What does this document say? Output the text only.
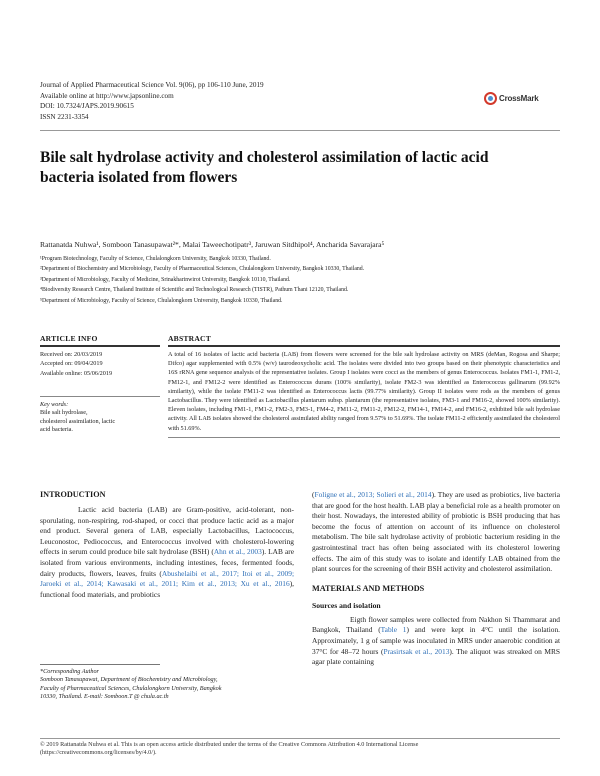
Journal of Applied Pharmaceutical Science Vol. 9(06), pp 106-110 June, 2019
Available online at http://www.japsonline.com
DOI: 10.7324/JAPS.2019.90615
ISSN 2231-3354
CrossMark
Bile salt hydrolase activity and cholesterol assimilation of lactic acid
bacteria isolated from flowers
Rattanatda Nuhwa¹, Somboon Tanasupawat²*, Malai Taweechotipatr³, Jaruwan Sitdhipol⁴, Ancharida Savarajara⁵
¹Program Biotechnology, Faculty of Science, Chulalongkorn University, Bangkok 10330, Thailand.
²Department of Biochemistry and Microbiology, Faculty of Pharmaceutical Sciences, Chulalongkorn University, Bangkok 10330, Thailand.
³Department of Microbiology, Faculty of Medicine, Srinakharinwirot University, Bangkok 10110, Thailand.
⁴Biodiversity Research Centre, Thailand Institute of Scientific and Technological Research (TISTR), Pathum Thani 12120, Thailand.
⁵Department of Microbiology, Faculty of Science, Chulalongkorn University, Bangkok 10330, Thailand.
ARTICLE INFO
Received on: 20/03/2019
Accepted on: 09/04/2019
Available online: 05/06/2019
Key words:
Bile salt hydrolase,
cholesterol assimilation, lactic
acid bacteria.
ABSTRACT
A total of 16 isolates of lactic acid bacteria (LAB) from flowers were screened for the bile salt hydrolase activity on MRS (deMan, Rogosa and Sharpe; Difco) agar supplemented with 0.5% (w/v) taurodeoxycholic acid. The isolates were divided into two groups based on their phenotypic characteristics and 16S rRNA gene sequence analysis of the representative isolates. Group I isolates were cocci as the members of genus Enterococcus. Isolates FM1-1, FM1-2, FM12-1, and FM12-2 were identified as Enterococcus durans (100% similarity), isolate FM2-3 was identified as Enterococcus gallinarum (99.92% similarity), while the isolate FM11-2 was identified as Enterococcus lactis (99.77% similarity). Group II isolates were rods as the members of genus Lactobacillus. They were identified as Lactobacillus plantarum subsp. plantarum (the representative isolates, FM3-1 and FM16-2, showed 100% similarity). Eleven isolates, including FM1-1, FM1-2, FM2-3, FM3-1, FM4-2, FM11-2, FM11-2, FM12-2, FM14-1, FM14-2, and FM16-2, exhibited bile salt hydrolase activity. All LAB isolates showed the cholesterol assimilated ability ranged from 9.57% to 51.69%. The isolate FM11-2 efficiently assimilated the cholesterol with 51.69%.
INTRODUCTION
Lactic acid bacteria (LAB) are Gram-positive, acid-tolerant, non-sporulating, non-respiring, rod-shaped, or cocci that produce lactic acid as a major end product. Several genera of LAB, especially Lactobacillus, Lactococcus, Leuconostoc, Pediococcus, and Enterococcus involved with cholesterol-lowering effects in serum could produce bile salt hydrolase (BSH) (Ahn et al., 2003). LAB are isolated from various environments, including intestines, feces, fermented foods, dairy products, flowers, leaves, fruits (Abushelaibi et al., 2017; Itoi et al., 2009; Jaroeki et al., 2014; Kawasaki et al., 2011; Kim et al., 2013; Xu et al., 2016), functional food materials, and probiotics
*Corresponding Author
Somboon Tanasupawat, Department of Biochemistry and Microbiology,
Faculty of Pharmaceutical Sciences, Chulalongkorn University, Bangkok
10330, Thailand. E-mail: Somboon.T @ chula.ac.th
(Foligne et al., 2013; Solieri et al., 2014). They are used as probiotics, live bacteria that are good for the host health. LAB play a beneficial role as a health promoter on their host. Nowadays, the interested ability of probiotic is BSH producing that has become the focus of attention on account of its influence on cholesterol metabolism. The bile salt hydrolase activity of probiotic bacterium residing in the gastrointestinal tract has often being associated with its cholesterol lowering effects. The aim of this study was to isolate and identify LAB obtained from the plant sources for the screening of their BSH activity and cholesterol assimilation.
MATERIALS AND METHODS
Sources and isolation
Eigth flower samples were collected from Nakhon Si Thammarat and Bangkok, Thailand (Table 1) and were kept in 4°C until the isolation. Approximately, 1 g of sample was inoculated in MRS under anaerobic condition at 37°C for 48–72 hours (Prasirtsak et al., 2013). The aliquot was streaked on MRS agar plate containing
© 2019 Rattanatda Nuhwa et al. This is an open access article distributed under the terms of the Creative Commons Attribution 4.0 International License
(https://creativecommons.org/licenses/by/4.0/).
